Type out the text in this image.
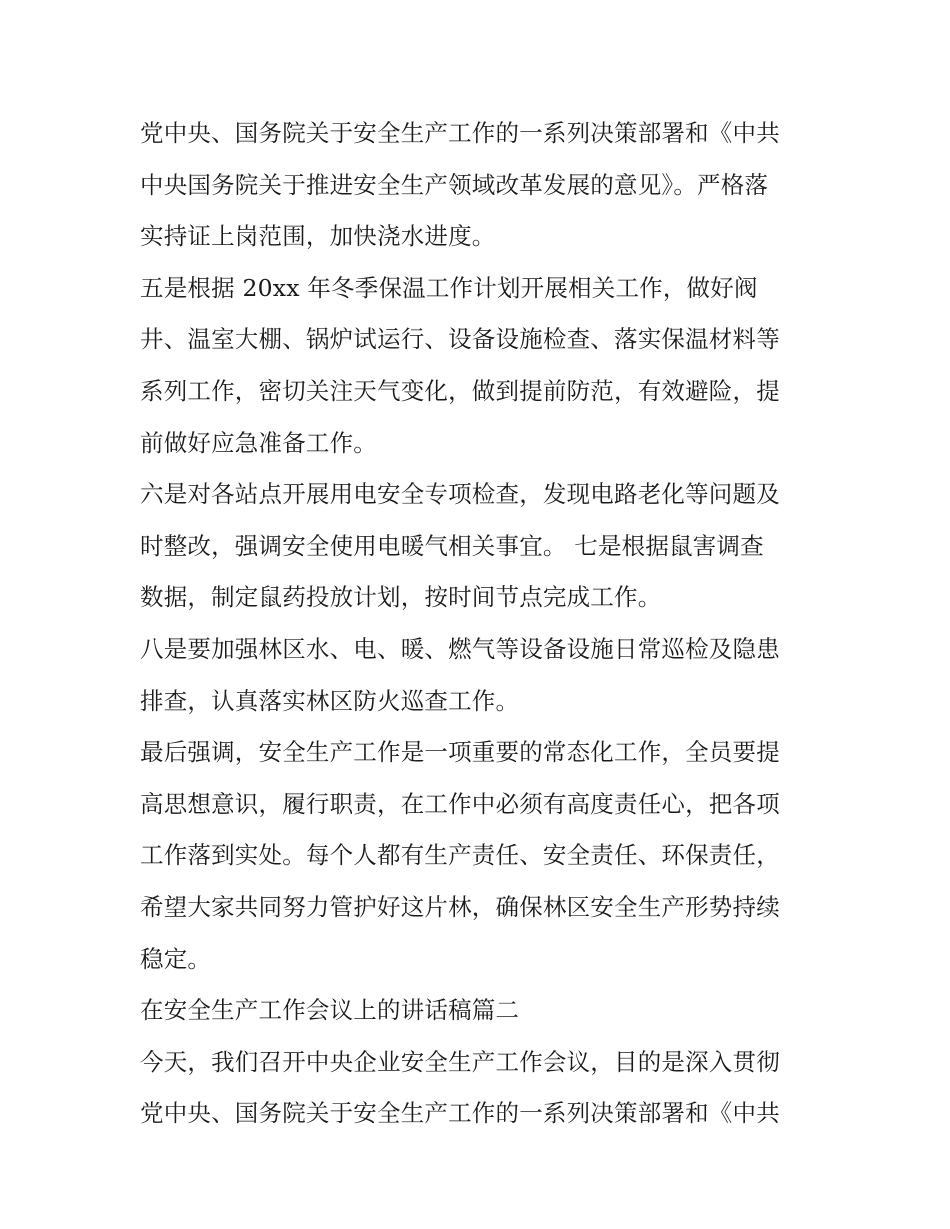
党中央、国务院关于安全生产工作的一系列决策部署和《中共
中央国务院关于推进安全生产领域改革发展的意见》。严格落
实持证上岗范围，加快浇水进度。
五是根据 20xx 年冬季保温工作计划开展相关工作，做好阀
井、温室大棚、锅炉试运行、设备设施检查、落实保温材料等
系列工作，密切关注天气变化，做到提前防范，有效避险，提
前做好应急准备工作。
六是对各站点开展用电安全专项检查，发现电路老化等问题及
时整改，强调安全使用电暖气相关事宜。 七是根据鼠害调查
数据，制定鼠药投放计划，按时间节点完成工作。
八是要加强林区水、电、暖、燃气等设备设施日常巡检及隐患
排查，认真落实林区防火巡查工作。
最后强调，安全生产工作是一项重要的常态化工作，全员要提
高思想意识，履行职责，在工作中必须有高度责任心，把各项
工作落到实处。每个人都有生产责任、安全责任、环保责任，
希望大家共同努力管护好这片林，确保林区安全生产形势持续
稳定。
在安全生产工作会议上的讲话稿篇二
今天，我们召开中央企业安全生产工作会议，目的是深入贯彻
党中央、国务院关于安全生产工作的一系列决策部署和《中共
